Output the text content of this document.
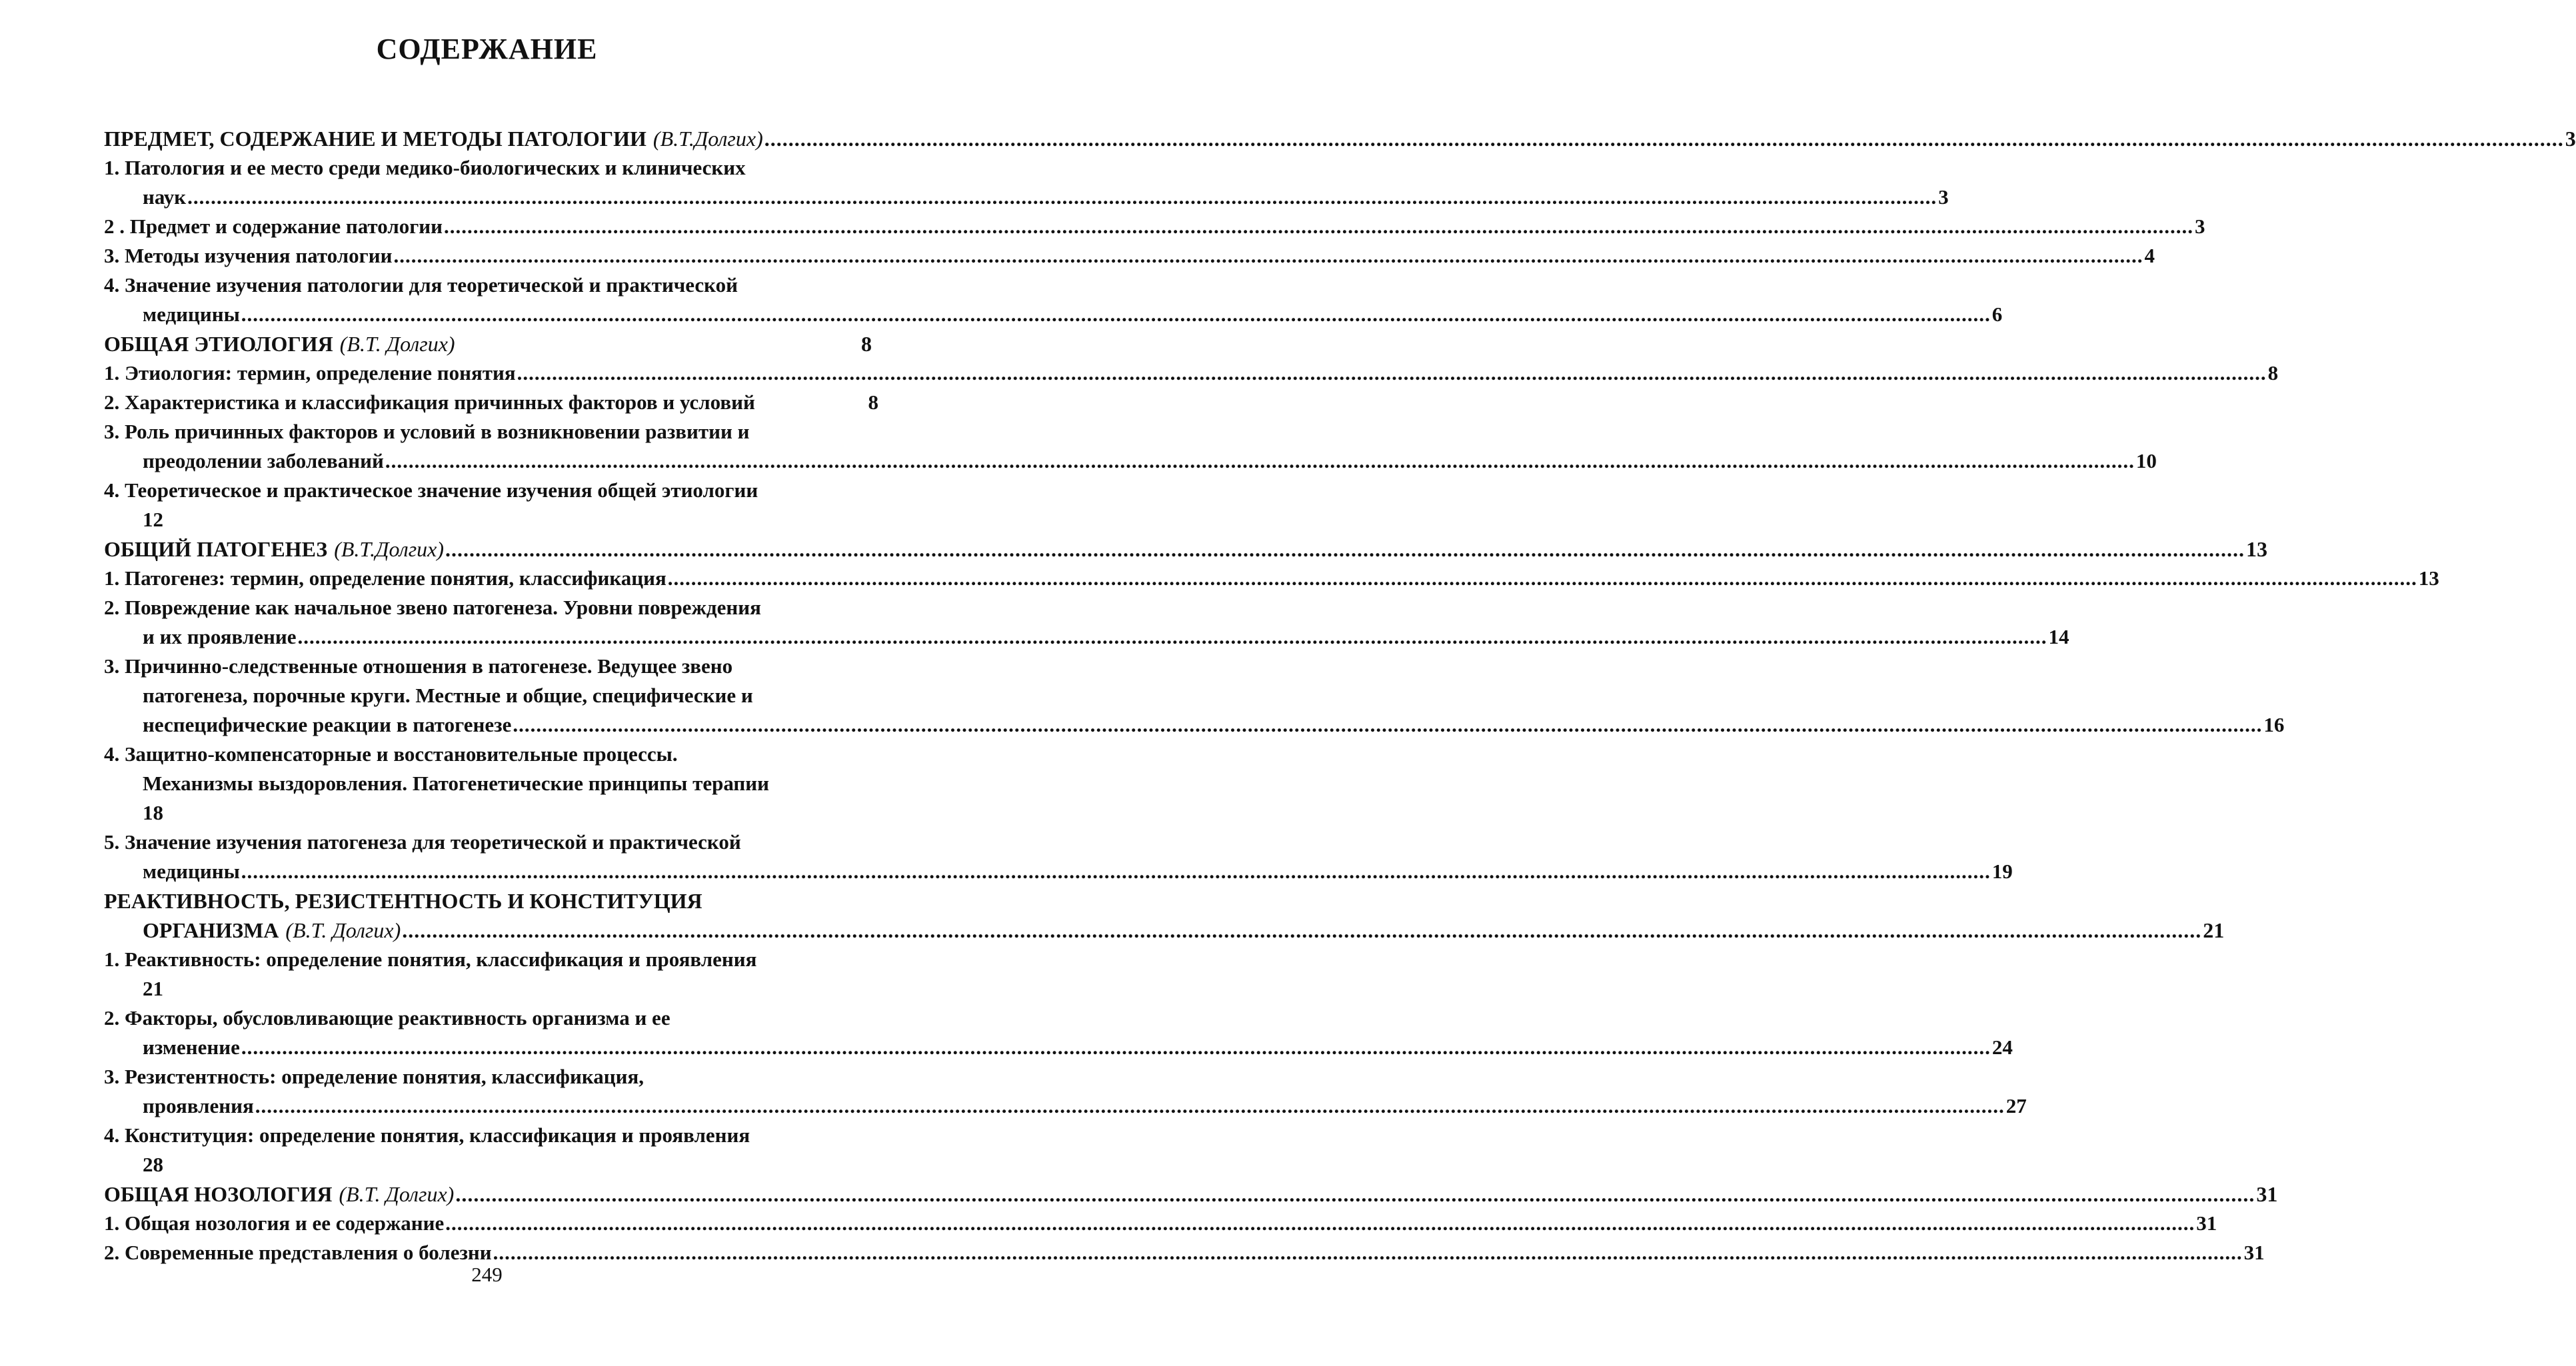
СОДЕРЖАНИЕ
ПРЕДМЕТ, СОДЕРЖАНИЕ И МЕТОДЫ ПАТОЛОГИИ (В.Т.Долгих) ............................................................................................................................................................................................................................................................................................................ 3
1. Патология и ее место среди медико-биологических и клинических
наук ............................................................................................................................................................................................................................................................................................................ 3
2 . Предмет и содержание патологии ............................................................................................................................................................................................................................................................................................................ 3
3. Методы изучения патологии ............................................................................................................................................................................................................................................................................................................ 4
4. Значение изучения патологии для теоретической и практической
медицины ............................................................................................................................................................................................................................................................................................................ 6
ОБЩАЯ ЭТИОЛОГИЯ (В.Т. Долгих)	8
1. Этиология: термин, определение понятия ............................................................................................................................................................................................................................................................................................................ 8
2. Характеристика и классификация причинных факторов и условий	8
3. Роль причинных факторов и условий в возникновении развитии и
преодолении заболеваний ............................................................................................................................................................................................................................................................................................................ 10
4. Теоретическое и практическое значение изучения общей этиологии
12
ОБЩИЙ ПАТОГЕНЕЗ (В.Т.Долгих) ............................................................................................................................................................................................................................................................................................................ 13
1. Патогенез: термин, определение понятия, классификация ............................................................................................................................................................................................................................................................................................................ 13
2. Повреждение как начальное звено патогенеза. Уровни повреждения
и их проявление ............................................................................................................................................................................................................................................................................................................ 14
3. Причинно-следственные отношения в патогенезе. Ведущее звено
патогенеза, порочные круги. Местные и общие, специфические и
неспецифические реакции в патогенезе ............................................................................................................................................................................................................................................................................................................ 16
4. Защитно-компенсаторные и восстановительные процессы.
Механизмы выздоровления. Патогенетические принципы терапии
18
5. Значение изучения патогенеза для теоретической и практической
медицины ............................................................................................................................................................................................................................................................................................................ 19
РЕАКТИВНОСТЬ, РЕЗИСТЕНТНОСТЬ И КОНСТИТУЦИЯ
ОРГАНИЗМА (В.Т. Долгих) ............................................................................................................................................................................................................................................................................................................ 21
1. Реактивность: определение понятия, классификация и проявления
21
2. Факторы, обусловливающие реактивность организма и ее
изменение ............................................................................................................................................................................................................................................................................................................ 24
3. Резистентность: определение понятия, классификация,
проявления ............................................................................................................................................................................................................................................................................................................ 27
4. Конституция: определение понятия, классификация и проявления
28
ОБЩАЯ НОЗОЛОГИЯ (В.Т. Долгих) ............................................................................................................................................................................................................................................................................................................ 31
1. Общая нозология и ее содержание ............................................................................................................................................................................................................................................................................................................ 31
2. Современные представления о болезни ............................................................................................................................................................................................................................................................................................................ 31
249
